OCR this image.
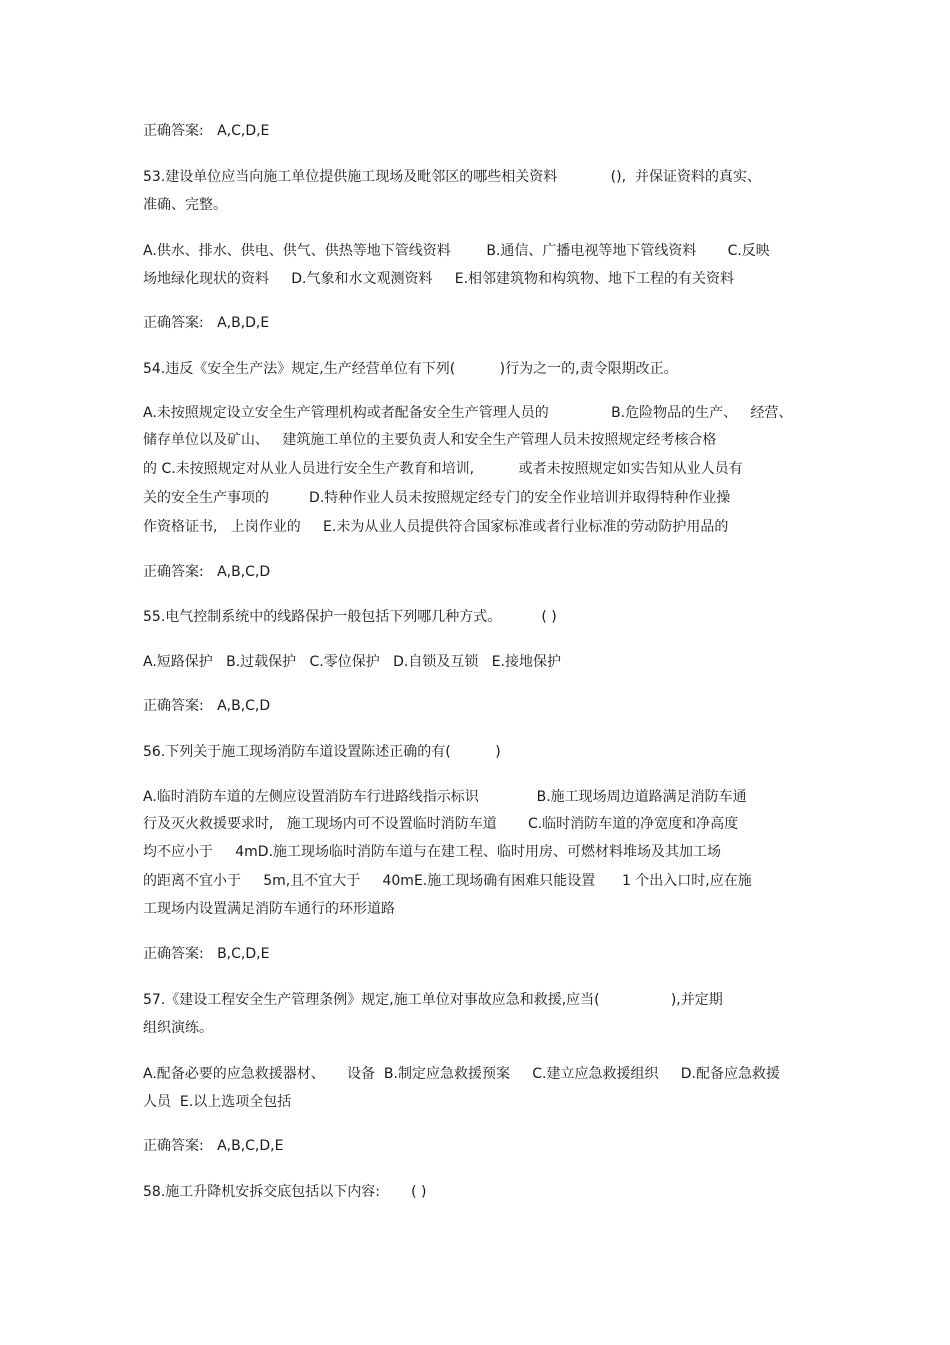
正确答案:   A,C,D,E
53.建设单位应当向施工单位提供施工现场及毗邻区的哪些相关资料            (),  并保证资料的真实、
准确、完整。
A.供水、排水、供电、供气、供热等地下管线资料        B.通信、广播电视等地下管线资料       C.反映
场地绿化现状的资料     D.气象和水文观测资料     E.相邻建筑物和构筑物、地下工程的有关资料
正确答案:   A,B,D,E
54.违反《安全生产法》规定,生产经营单位有下列(          )行为之一的,责令限期改正。
A.未按照规定设立安全生产管理机构或者配备安全生产管理人员的              B.危险物品的生产、   经营、
储存单位以及矿山、   建筑施工单位的主要负责人和安全生产管理人员未按照规定经考核合格
的 C.未按照规定对从业人员进行安全生产教育和培训,          或者未按照规定如实告知从业人员有
关的安全生产事项的         D.特种作业人员未按照规定经专门的安全作业培训并取得特种作业操
作资格证书,   上岗作业的     E.未为从业人员提供符合国家标准或者行业标准的劳动防护用品的
正确答案:   A,B,C,D
55.电气控制系统中的线路保护一般包括下列哪几种方式。         ( )
A.短路保护   B.过载保护   C.零位保护   D.自锁及互锁   E.接地保护
正确答案:   A,B,C,D
56.下列关于施工现场消防车道设置陈述正确的有(          )
A.临时消防车道的左侧应设置消防车行进路线指示标识             B.施工现场周边道路满足消防车通
行及灭火救援要求时,   施工现场内可不设置临时消防车道       C.临时消防车道的净宽度和净高度
均不应小于     4mD.施工现场临时消防车道与在建工程、临时用房、可燃材料堆场及其加工场
的距离不宜小于     5m,且不宜大于     40mE.施工现场确有困难只能设置      1 个出入口时,应在施
工现场内设置满足消防车通行的环形道路
正确答案:   B,C,D,E
57.《建设工程安全生产管理条例》规定,施工单位对事故应急和救援,应当(                ),并定期
组织演练。
A.配备必要的应急救援器材、     设备  B.制定应急救援预案     C.建立应急救援组织     D.配备应急救援
人员  E.以上选项全包括
正确答案:   A,B,C,D,E
58.施工升降机安拆交底包括以下内容:       ( )
